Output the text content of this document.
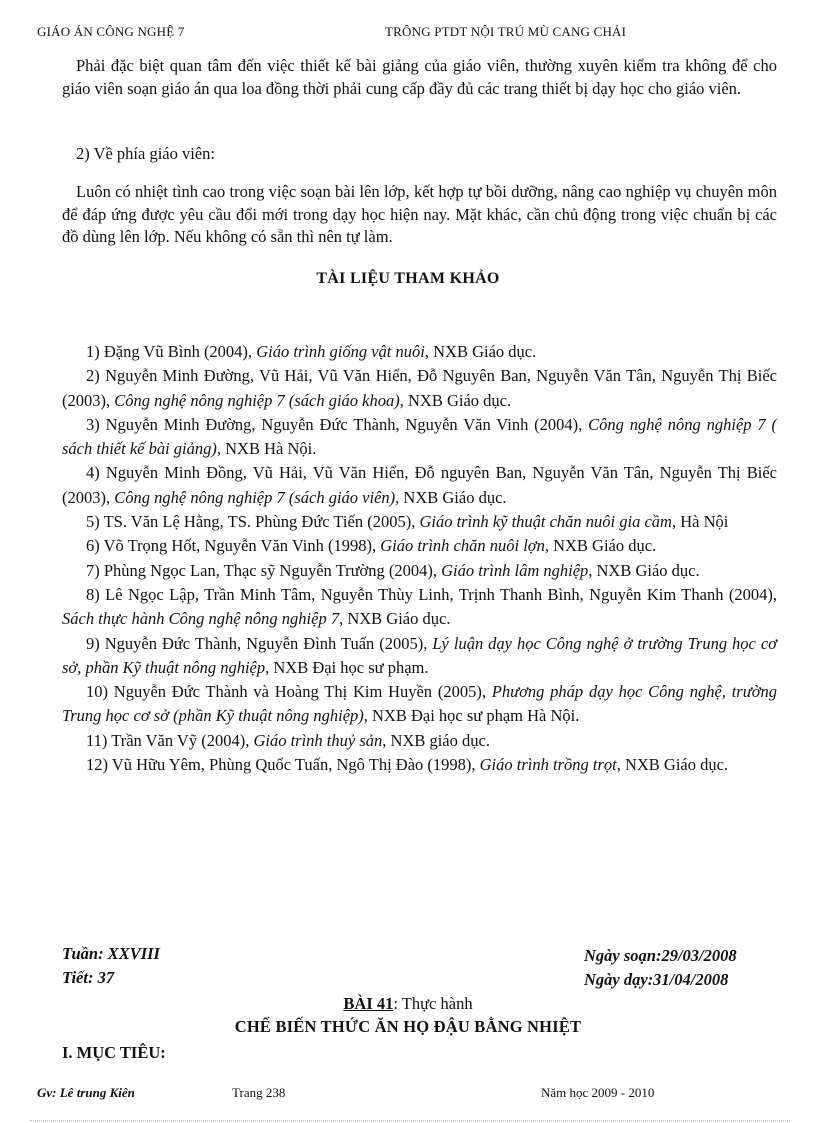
GIÁO ÁN CÔNG NGHỆ 7	TRÔNG PTDT NỘI TRÚ MÙ CANG CHẢI

Phải đặc biệt quan tâm đến việc thiết kế bài giảng của giáo viên, thường xuyên kiểm tra không để cho giáo viên soạn giáo án qua loa đồng thời phải cung cấp đầy đủ các trang thiết bị dạy học cho giáo viên.

2) Về phía giáo viên:

Luôn có nhiệt tình cao trong việc soạn bài lên lớp, kết hợp tự bồi dưỡng, nâng cao nghiệp vụ chuyên môn để đáp ứng được yêu cầu đổi mới trong dạy học hiện nay. Mặt khác, cần chủ động trong việc chuẩn bị các đồ dùng lên lớp. Nếu không có sẵn thì nên tự làm.

TÀI LIỆU THAM KHẢO

1) Đặng Vũ Bình (2004), Giáo trình giống vật nuôi, NXB Giáo dục.

2) Nguyễn Minh Đường, Vũ Hải, Vũ Văn Hiển, Đỗ Nguyên Ban, Nguyễn Văn Tân, Nguyễn Thị Biếc (2003), Công nghệ nông nghiệp 7 (sách giáo khoa), NXB Giáo dục.

3) Nguyễn Minh Đường, Nguyễn Đức Thành, Nguyễn Văn Vinh (2004), Công nghệ nông nghiệp 7 ( sách thiết kế bài giảng), NXB Hà Nội.

4) Nguyễn Minh Đồng, Vũ Hải, Vũ Văn Hiển, Đỗ nguyên Ban, Nguyễn Văn Tân, Nguyễn Thị Biếc (2003), Công nghệ nông nghiệp 7 (sách giáo viên), NXB Giáo dục.

5) TS. Văn Lệ Hằng, TS. Phùng Đức Tiến (2005), Giáo trình kỹ thuật chăn nuôi gia cầm, Hà Nội

6) Võ Trọng Hốt, Nguyễn Văn Vinh (1998), Giáo trình chăn nuôi lợn, NXB Giáo dục.

7) Phùng Ngọc Lan, Thạc sỹ Nguyễn Trường (2004), Giáo trình lâm nghiệp, NXB Giáo dục.

8) Lê Ngọc Lập, Trần Minh Tâm, Nguyễn Thùy Linh, Trịnh Thanh Bình, Nguyễn Kim Thanh (2004), Sách thực hành Công nghệ nông nghiệp 7, NXB Giáo dục.

9) Nguyễn Đức Thành, Nguyễn Đình Tuấn (2005), Lý luận dạy học Công nghệ ở trường Trung học cơ sở, phần Kỹ thuật nông nghiệp, NXB Đại học sư phạm.

10) Nguyễn Đức Thành và Hoàng Thị Kim Huyền (2005), Phương pháp dạy học Công nghệ, trường Trung học cơ sở (phần Kỹ thuật nông nghiệp), NXB Đại học sư phạm Hà Nội.

11) Trần Văn Vỹ (2004), Giáo trình thuỷ sản, NXB giáo dục.

12) Vũ Hữu Yêm, Phùng Quốc Tuấn, Ngô Thị Đào (1998), Giáo trình trồng trọt, NXB Giáo dục.

Tuần: XXVIII
Tiết: 37
Ngày soạn:29/03/2008
Ngày dạy:31/04/2008
BÀI 41: Thực hành
CHẾ BIẾN THỨC ĂN HỌ ĐẬU BẰNG NHIỆT
I. MỤC TIÊU:
Gv: Lê trung Kiên	Trang 238	Năm học 2009 - 2010
